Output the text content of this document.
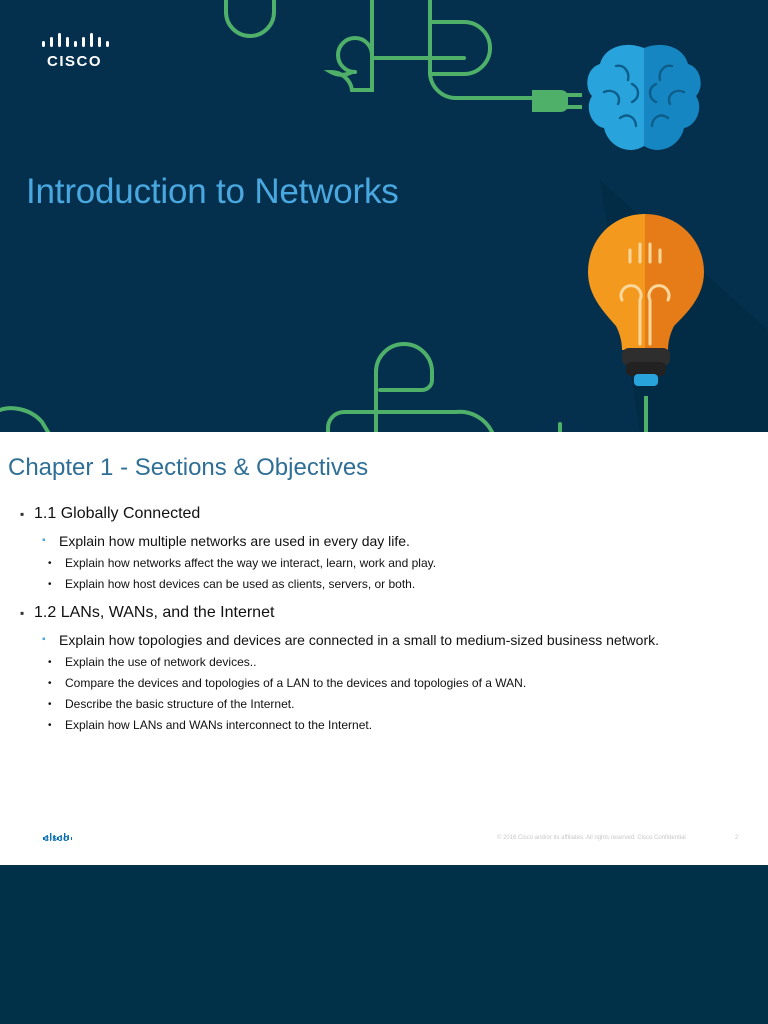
CISCO
Introduction to Networks
Chapter 1 - Sections & Objectives
▪ 1.1 Globally Connected
▪ Explain how multiple networks are used in every day life.
• Explain how networks affect the way we interact, learn, work and play.
• Explain how host devices can be used as clients, servers, or both.
▪ 1.2 LANs, WANs, and the Internet
▪ Explain how topologies and devices are connected in a small to medium-sized business network.
• Explain the use of network devices..
• Compare the devices and topologies of a LAN to the devices and topologies of a WAN.
• Describe the basic structure of the Internet.
• Explain how LANs and WANs interconnect to the Internet.
CISCO	© 2016 Cisco and/or its affiliates. All rights reserved. Cisco Confidential	2
